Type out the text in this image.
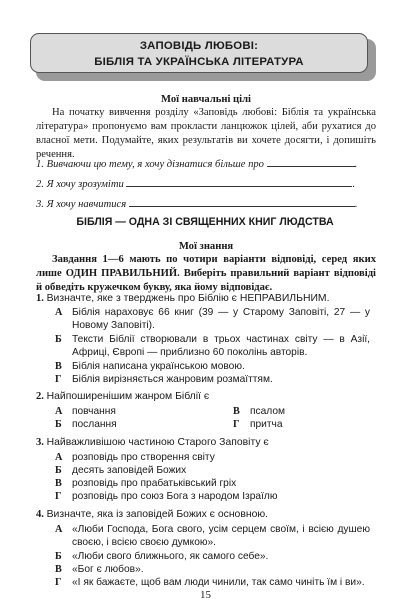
ЗАПОВІДЬ ЛЮБОВІ:
БІБЛІЯ ТА УКРАЇНСЬКА ЛІТЕРАТУРА
Мої навчальні цілі

На початку вивчення розділу «Заповідь любові: Біблія та українська література» пропонуємо вам прокласти ланцюжок цілей, аби рухатися до власної мети. Подумайте, яких результатів ви хочете досягти, і допишіть речення.

1. Вивчаючи цю тему, я хочу дізнатися більше про	.
2. Я хочу зрозуміти	.
3. Я хочу навчитися	.
БІБЛІЯ — ОДНА ЗІ СВЯЩЕННИХ КНИГ ЛЮДСТВА
Мої знання

Завдання 1—6 мають по чотири варіанти відповіді, серед яких лише ОДИН ПРАВИЛЬНИЙ. Виберіть правильний варіант відповіді й обведіть кружечком букву, яка йому відповідає.

1. Визначте, яке з тверджень про Біблію є НЕПРАВИЛЬНИМ.
А Біблія нараховує 66 книг (39 — у Старому Заповіті, 27 — у Новому Заповіті).
Б Тексти Біблії створювали в трьох частинах світу — в Азії, Африці, Європі — приблизно 60 поколінь авторів.
В Біблія написана українською мовою.
Г Біблія вирізняється жанровим розмаїттям.
2. Найпоширенішим жанром Біблії є
А повчання
Б послання
В псалом
Г притча
3. Найважливішою частиною Старого Заповіту є
А розповідь про створення світу
Б десять заповідей Божих
В розповідь про прабатьківський гріх
Г розповідь про союз Бога з народом Ізраїлю
4. Визначте, яка із заповідей Божих є основною.
А «Люби Господа, Бога свого, усім серцем своїм, і всією душею своєю, і всією своєю думкою».
Б «Люби свого ближнього, як самого себе».
В «Бог є любов».
Г «І як бажаєте, щоб вам люди чинили, так само чиніть їм і ви».
15
